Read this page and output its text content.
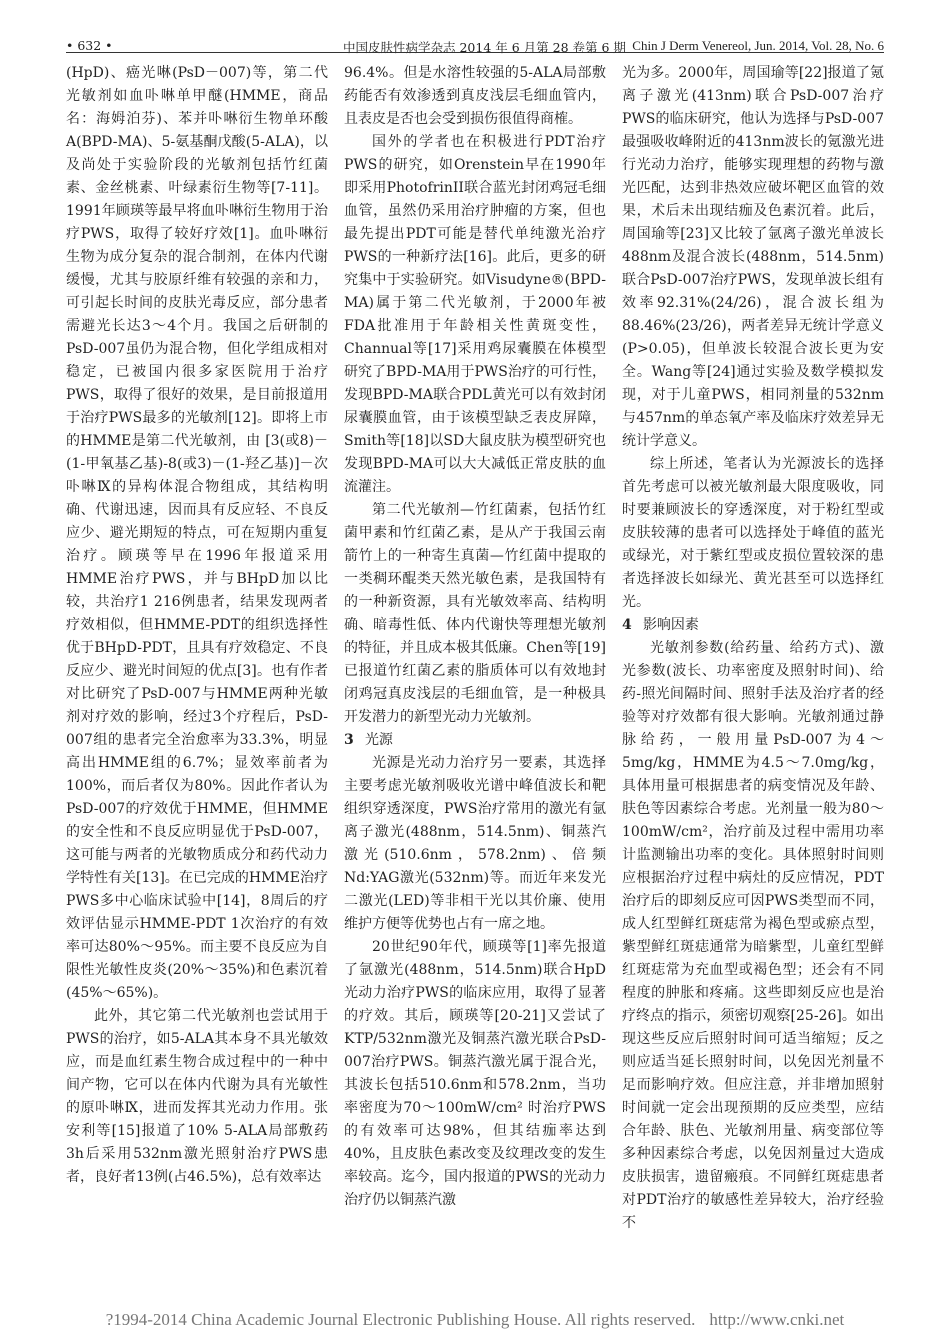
• 632 •	中国皮肤性病学杂志 2014 年 6 月第 28 卷第 6 期 Chin J Derm Venereol, Jun. 2014, Vol. 28, No. 6

(HpD)、癌光啉(PsD－007)等，第二代光敏剂如血卟啉单甲醚(HMME，商品名：海姆泊芬)、苯并卟啉衍生物单环酸A(BPD-MA)、5-氨基酮戊酸(5-ALA)，以及尚处于实验阶段的光敏剂包括竹红菌素、金丝桃素、叶绿素衍生物等[7-11]。1991年顾瑛等最早将血卟啉衍生物用于治疗PWS，取得了较好疗效[1]。血卟啉衍生物为成分复杂的混合制剂，在体内代谢缓慢，尤其与胶原纤维有较强的亲和力，可引起长时间的皮肤光毒反应，部分患者需避光长达3～4个月。我国之后研制的PsD-007虽仍为混合物，但化学组成相对稳定，已被国内很多家医院用于治疗PWS，取得了很好的效果，是目前报道用于治疗PWS最多的光敏剂[12]。即将上市的HMME是第二代光敏剂，由 [3(或8)－(1-甲氧基乙基)-8(或3)－(1-羟乙基)]－次卟啉Ⅸ的异构体混合物组成，其结构明确、代谢迅速，因而具有反应轻、不良反应少、避光期短的特点，可在短期内重复治疗。顾瑛等早在1996年报道采用HMME治疗PWS，并与BHpD加以比较，共治疗1 216例患者，结果发现两者疗效相似，但HMME-PDT的组织选择性优于BHpD-PDT，且具有疗效稳定、不良反应少、避光时间短的优点[3]。也有作者对比研究了PsD-007与HMME两种光敏剂对疗效的影响，经过3个疗程后，PsD-007组的患者完全治愈率为33.3%，明显高出HMME组的6.7%；显效率前者为100%，而后者仅为80%。因此作者认为PsD-007的疗效优于HMME，但HMME的安全性和不良反应明显优于PsD-007，这可能与两者的光敏物质成分和药代动力学特性有关[13]。在已完成的HMME治疗PWS多中心临床试验中[14]，8周后的疗效评估显示HMME-PDT 1次治疗的有效率可达80%～95%。而主要不良反应为自限性光敏性皮炎(20%～35%)和色素沉着(45%～65%)。

此外，其它第二代光敏剂也尝试用于PWS的治疗，如5-ALA其本身不具光敏效应，而是血红素生物合成过程中的一种中间产物，它可以在体内代谢为具有光敏性的原卟啉Ⅸ，进而发挥其光动力作用。张安利等[15]报道了10% 5-ALA局部敷药3h后采用532nm激光照射治疗PWS患者，良好者13例(占46.5%)，总有效率达

96.4%。但是水溶性较强的5-ALA局部敷药能否有效渗透到真皮浅层毛细血管内，且表皮是否也会受到损伤很值得商榷。

国外的学者也在积极进行PDT治疗PWS的研究，如Orenstein早在1990年即采用PhotofrinII联合蓝光封闭鸡冠毛细血管，虽然仍采用治疗肿瘤的方案，但也最先提出PDT可能是替代单纯激光治疗PWS的一种新疗法[16]。此后，更多的研究集中于实验研究。如Visudyne®(BPD-MA)属于第二代光敏剂，于2000年被FDA批准用于年龄相关性黄斑变性，Channual等[17]采用鸡尿囊膜在体模型研究了BPD-MA用于PWS治疗的可行性，发现BPD-MA联合PDL黄光可以有效封闭尿囊膜血管，由于该模型缺乏表皮屏障，Smith等[18]以SD大鼠皮肤为模型研究也发现BPD-MA可以大大减低正常皮肤的血流灌注。

第二代光敏剂—竹红菌素，包括竹红菌甲素和竹红菌乙素，是从产于我国云南箭竹上的一种寄生真菌—竹红菌中提取的一类稠环醌类天然光敏色素，是我国特有的一种新资源，具有光敏效率高、结构明确、暗毒性低、体内代谢快等理想光敏剂的特征，并且成本极其低廉。Chen等[19]已报道竹红菌乙素的脂质体可以有效地封闭鸡冠真皮浅层的毛细血管，是一种极具开发潜力的新型光动力光敏剂。

3 光源

光源是光动力治疗另一要素，其选择主要考虑光敏剂吸收光谱中峰值波长和靶组织穿透深度，PWS治疗常用的激光有氩离子激光(488nm，514.5nm)、铜蒸汽激光(510.6nm，578.2nm)、倍频Nd:YAG激光(532nm)等。而近年来发光二激光(LED)等非相干光以其价廉、使用维护方便等优势也占有一席之地。

20世纪90年代，顾瑛等[1]率先报道了氩激光(488nm，514.5nm)联合HpD光动力治疗PWS的临床应用，取得了显著的疗效。其后，顾瑛等[20-21]又尝试了KTP/532nm激光及铜蒸汽激光联合PsD-007治疗PWS。铜蒸汽激光属于混合光，其波长包括510.6nm和578.2nm，当功率密度为70～100mW/cm² 时治疗PWS的有效率可达98%，但其结痂率达到40%，且皮肤色素改变及纹理改变的发生率较高。迄今，国内报道的PWS的光动力治疗仍以铜蒸汽激

光为多。2000年，周国瑜等[22]报道了氪离子激光(413nm)联合PsD-007治疗PWS的临床研究，他认为选择与PsD-007最强吸收峰附近的413nm波长的氪激光进行光动力治疗，能够实现理想的药物与激光匹配，达到非热效应破坏靶区血管的效果，术后未出现结痂及色素沉着。此后，周国瑜等[23]又比较了氩离子激光单波长488nm及混合波长(488nm，514.5nm)联合PsD-007治疗PWS，发现单波长组有效率92.31%(24/26)，混合波长组为88.46%(23/26)，两者差异无统计学意义(P>0.05)，但单波长较混合波长更为安全。Wang等[24]通过实验及数学模拟发现，对于儿童PWS，相同剂量的532nm与457nm的单态氧产率及临床疗效差异无统计学意义。

综上所述，笔者认为光源波长的选择首先考虑可以被光敏剂最大限度吸收，同时要兼顾波长的穿透深度，对于粉红型或皮肤较薄的患者可以选择处于峰值的蓝光或绿光，对于紫红型或皮损位置较深的患者选择波长如绿光、黄光甚至可以选择红光。

4 影响因素

光敏剂参数(给药量、给药方式)、激光参数(波长、功率密度及照射时间)、给药-照光间隔时间、照射手法及治疗者的经验等对疗效都有很大影响。光敏剂通过静脉给药，一般用量PsD-007为4～5mg/kg，HMME为4.5～7.0mg/kg，具体用量可根据患者的病变情况及年龄、肤色等因素综合考虑。光剂量一般为80～100mW/cm²，治疗前及过程中需用功率计监测输出功率的变化。具体照射时间则应根据治疗过程中病灶的反应情况，PDT治疗后的即刻反应可因PWS类型而不同，成人红型鲜红斑痣常为褐色型或瘀点型，紫型鲜红斑痣通常为暗紫型，儿童红型鲜红斑痣常为充血型或褐色型；还会有不同程度的肿胀和疼痛。这些即刻反应也是治疗终点的指示，须密切观察[25-26]。如出现这些反应后照射时间可适当缩短；反之则应适当延长照射时间，以免因光剂量不足而影响疗效。但应注意，并非增加照射时间就一定会出现预期的反应类型，应结合年龄、肤色、光敏剂用量、病变部位等多种因素综合考虑，以免因剂量过大造成皮肤损害，遗留瘢痕。不同鲜红斑痣患者对PDT治疗的敏感性差异较大，治疗经验不

?1994-2014 China Academic Journal Electronic Publishing House. All rights reserved. http://www.cnki.net
